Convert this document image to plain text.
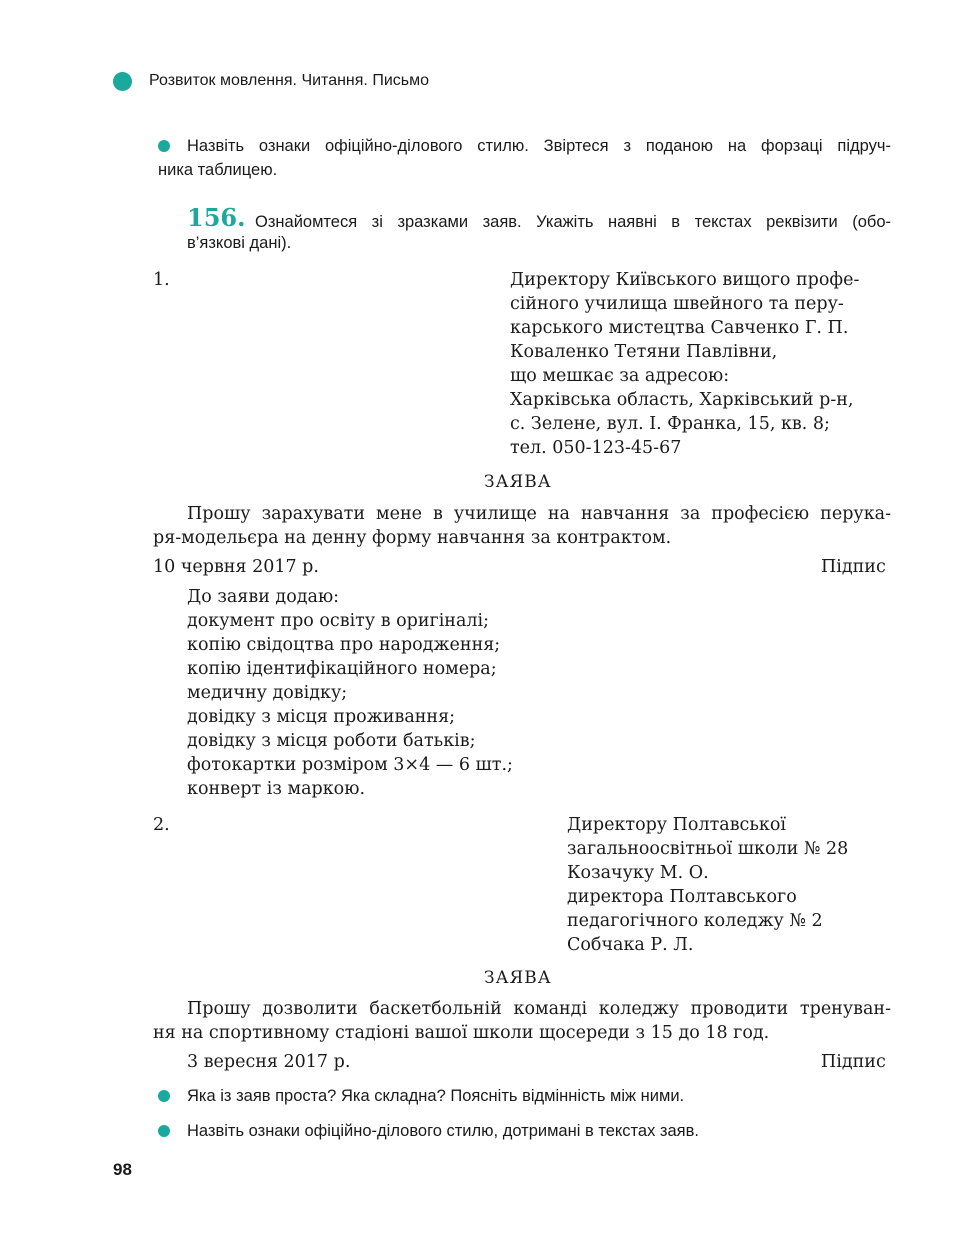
Розвиток мовлення. Читання. Письмо
Назвіть ознаки офіційно-ділового стилю. Звіртеся з поданою на форзаці підруч-
ника таблицею.
156. Ознайомтеся зі зразками заяв. Укажіть наявні в текстах реквізити (обо-
в’язкові дані).
1.	Директору Київського вищого профе-
сійного училища швейного та перу-
карського мистецтва Савченко Г. П.
Коваленко Тетяни Павлівни,
що мешкає за адресою:
Харківська область, Харківський р-н,
с. Зелене, вул. І. Франка, 15, кв. 8;
тел. 050-123-45-67
ЗАЯВА
Прошу зарахувати мене в училище на навчання за професією перука-
ря-модельєра на денну форму навчання за контрактом.
10 червня 2017 р.	Підпис
До заяви додаю:
документ про освіту в оригіналі;
копію свідоцтва про народження;
копію ідентифікаційного номера;
медичну довідку;
довідку з місця проживання;
довідку з місця роботи батьків;
фотокартки розміром 3×4 — 6 шт.;
конверт із маркою.
2.	Директору Полтавської
загальноосвітньої школи № 28
Козачуку М. О.
директора Полтавського
педагогічного коледжу № 2
Собчака Р. Л.
ЗАЯВА
Прошу дозволити баскетбольній команді коледжу проводити тренуван-
ня на спортивному стадіоні вашої школи щосереди з 15 до 18 год.
3 вересня 2017 р.	Підпис
Яка із заяв проста? Яка складна? Поясніть відмінність між ними.
Назвіть ознаки офіційно-ділового стилю, дотримані в текстах заяв.
98
